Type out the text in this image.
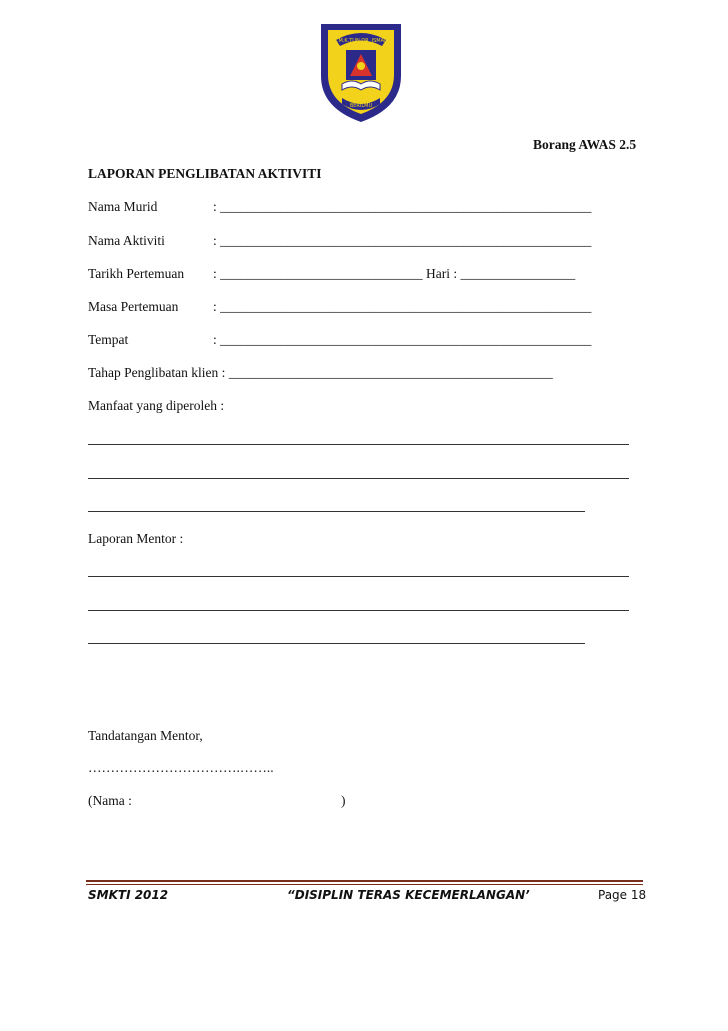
S.M.K.TUN DR. ISMAIL
BERILMU
Borang AWAS 2.5
LAPORAN PENGLIBATAN AKTIVITI
Nama Murid	: _______________________________________________________
Nama Aktiviti	: _______________________________________________________
Tarikh Pertemuan : ______________________________ Hari : _________________
Masa Pertemuan	: _______________________________________________________
Tempat	: _______________________________________________________
Tahap Penglibatan klien : ________________________________________________
Manfaat yang diperoleh :
Laporan Mentor :
Tandatangan Mentor,
…………………………….……..
(Nama :	)
SMKTI 2012	“DISIPLIN TERAS KECEMERLANGAN’	Page 18
